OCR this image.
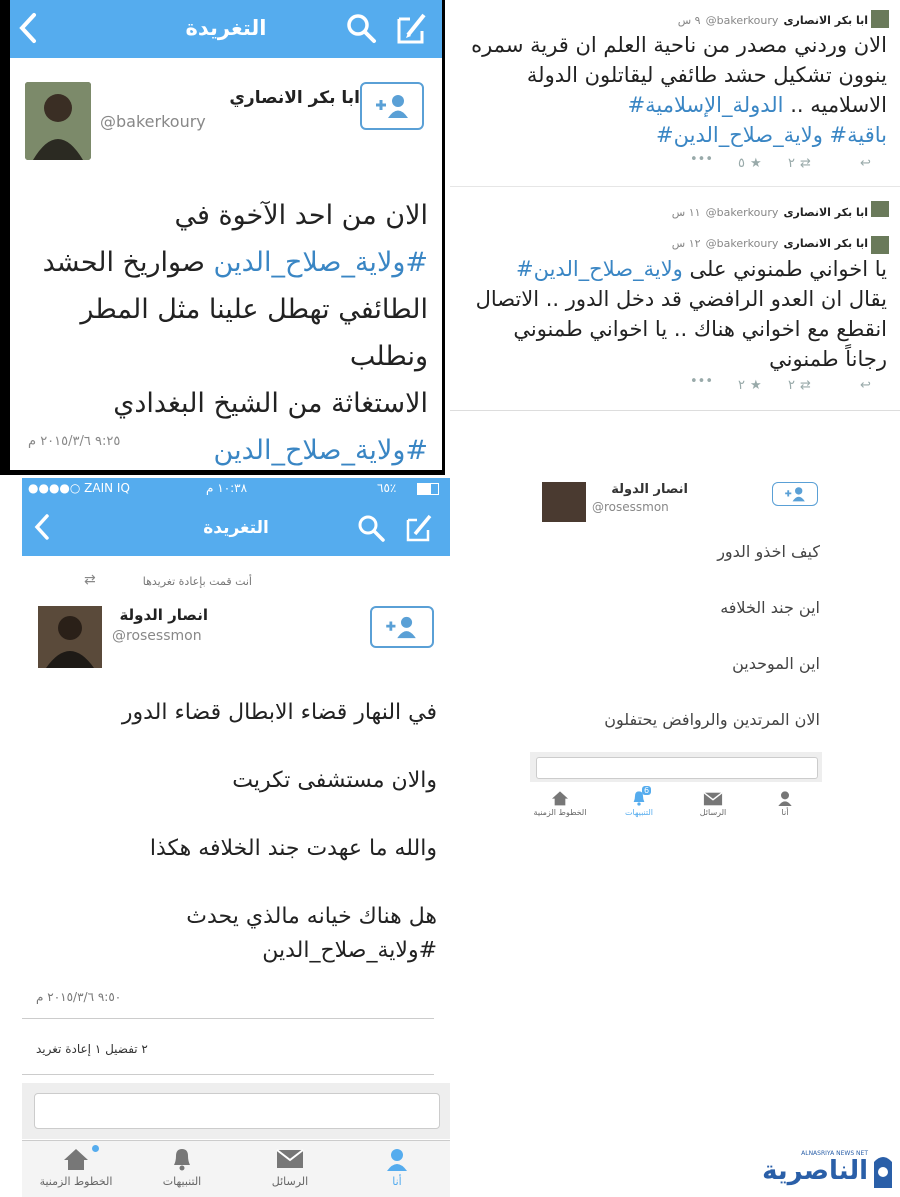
التغريدة
ابا بكر الانصاري
@bakerkoury
الان من احد الآخوة في
#ولاية_صلاح_الدين صواريخ الحشد
الطائفي تهطل علينا مثل المطر ونطلب
الاستغاثة من الشيخ البغدادي
#ولاية_صلاح_الدين
٩:٢٥ ٢٠١٥/٣/٦ م
٩ س @bakerkoury ابا بكر الانصارى
الان وردني مصدر من ناحية العلم ان قرية سمره
ينوون تشكيل حشد طائفي ليقاتلون الدولة
الاسلاميه .. الدولة_الإسلامية#
باقية# ولاية_صلاح_الدين#
↩
⇄
٢
★
٥
•••
١١ س @bakerkoury ابا بكر الانصارى
١٢ س @bakerkoury ابا بكر الانصارى
يا اخواني طمنوني على ولاية_صلاح_الدين#
يقال ان العدو الرافضي قد دخل الدور .. الاتصال
انقطع مع اخواني هناك .. يا اخواني طمنوني
رجاناً طمنوني
↩
⇄
٢
★
٢
•••
●●●●○ ZAIN IQ	١٠:٣٨ م	٦٥٪
التغريدة
أنت قمت بإعادة تغريدها
⇄
انصار الدولة
@rosessmon
في النهار قضاء الابطال قضاء الدور
والان مستشفى تكريت
والله ما عهدت جند الخلافه هكذا
هل هناك خيانه مالذي يحدث
#ولاية_صلاح_الدين
٩:٥٠ ٢٠١٥/٣/٦ م
٢ تفضيل ١ إعادة تغريد
أنا
الرسائل
التنبيهات
الخطوط الزمنية
انصار الدولة
@rosessmon
كيف اخذو الدور
اين جند الخلافه
اين الموحدين
الان المرتدين والروافض يحتفلون
أنا
الرسائل
6
التنبيهات
الخطوط الزمنية
الناصرية
ALNASRIYA NEWS NET
